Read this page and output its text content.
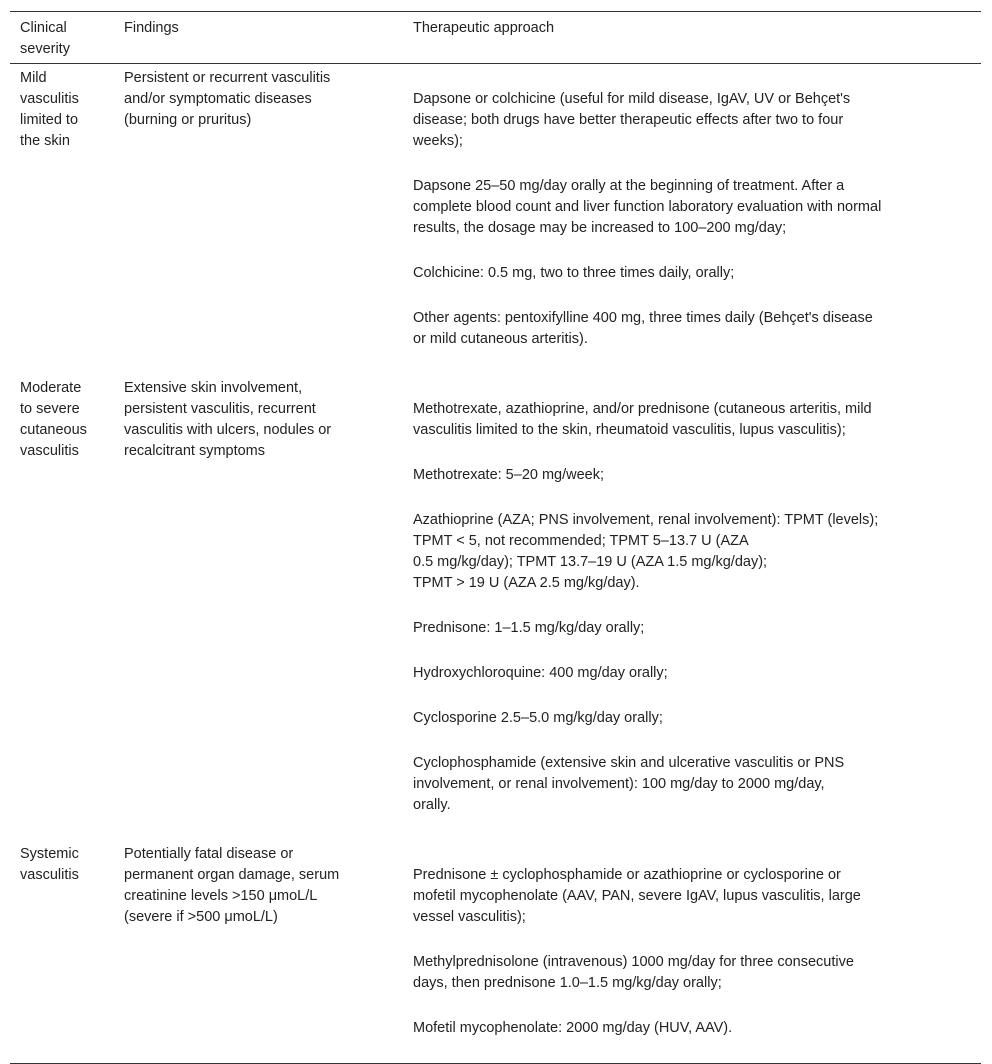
Clinical
severity
Findings	Therapeutic approach
Mild
vasculitis
limited to
the skin
Persistent or recurrent vasculitis
and/or symptomatic diseases
(burning or pruritus)

Dapsone or colchicine (useful for mild disease, IgAV, UV or Behçet's
disease; both drugs have better therapeutic effects after two to four
weeks);

Dapsone 25–50 mg/day orally at the beginning of treatment. After a
complete blood count and liver function laboratory evaluation with normal
results, the dosage may be increased to 100–200 mg/day;

Colchicine: 0.5 mg, two to three times daily, orally;

Other agents: pentoxifylline 400 mg, three times daily (Behçet's disease
or mild cutaneous arteritis).

Moderate
to severe
cutaneous
vasculitis
Extensive skin involvement,
persistent vasculitis, recurrent
vasculitis with ulcers, nodules or
recalcitrant symptoms

Methotrexate, azathioprine, and/or prednisone (cutaneous arteritis, mild
vasculitis limited to the skin, rheumatoid vasculitis, lupus vasculitis);

Methotrexate: 5–20 mg/week;

Azathioprine (AZA; PNS involvement, renal involvement): TPMT (levels);
TPMT < 5, not recommended; TPMT 5–13.7 U (AZA
0.5 mg/kg/day); TPMT 13.7–19 U (AZA 1.5 mg/kg/day);
TPMT > 19 U (AZA 2.5 mg/kg/day).

Prednisone: 1–1.5 mg/kg/day orally;

Hydroxychloroquine: 400 mg/day orally;

Cyclosporine 2.5–5.0 mg/kg/day orally;

Cyclophosphamide (extensive skin and ulcerative vasculitis or PNS
involvement, or renal involvement): 100 mg/day to 2000 mg/day,
orally.

Systemic
vasculitis
Potentially fatal disease or
permanent organ damage, serum
creatinine levels >150 μmoL/L
(severe if >500 μmoL/L)

Prednisone ± cyclophosphamide or azathioprine or cyclosporine or
mofetil mycophenolate (AAV, PAN, severe IgAV, lupus vasculitis, large
vessel vasculitis);

Methylprednisolone (intravenous) 1000 mg/day for three consecutive
days, then prednisone 1.0–1.5 mg/kg/day orally;

Mofetil mycophenolate: 2000 mg/day (HUV, AAV).
